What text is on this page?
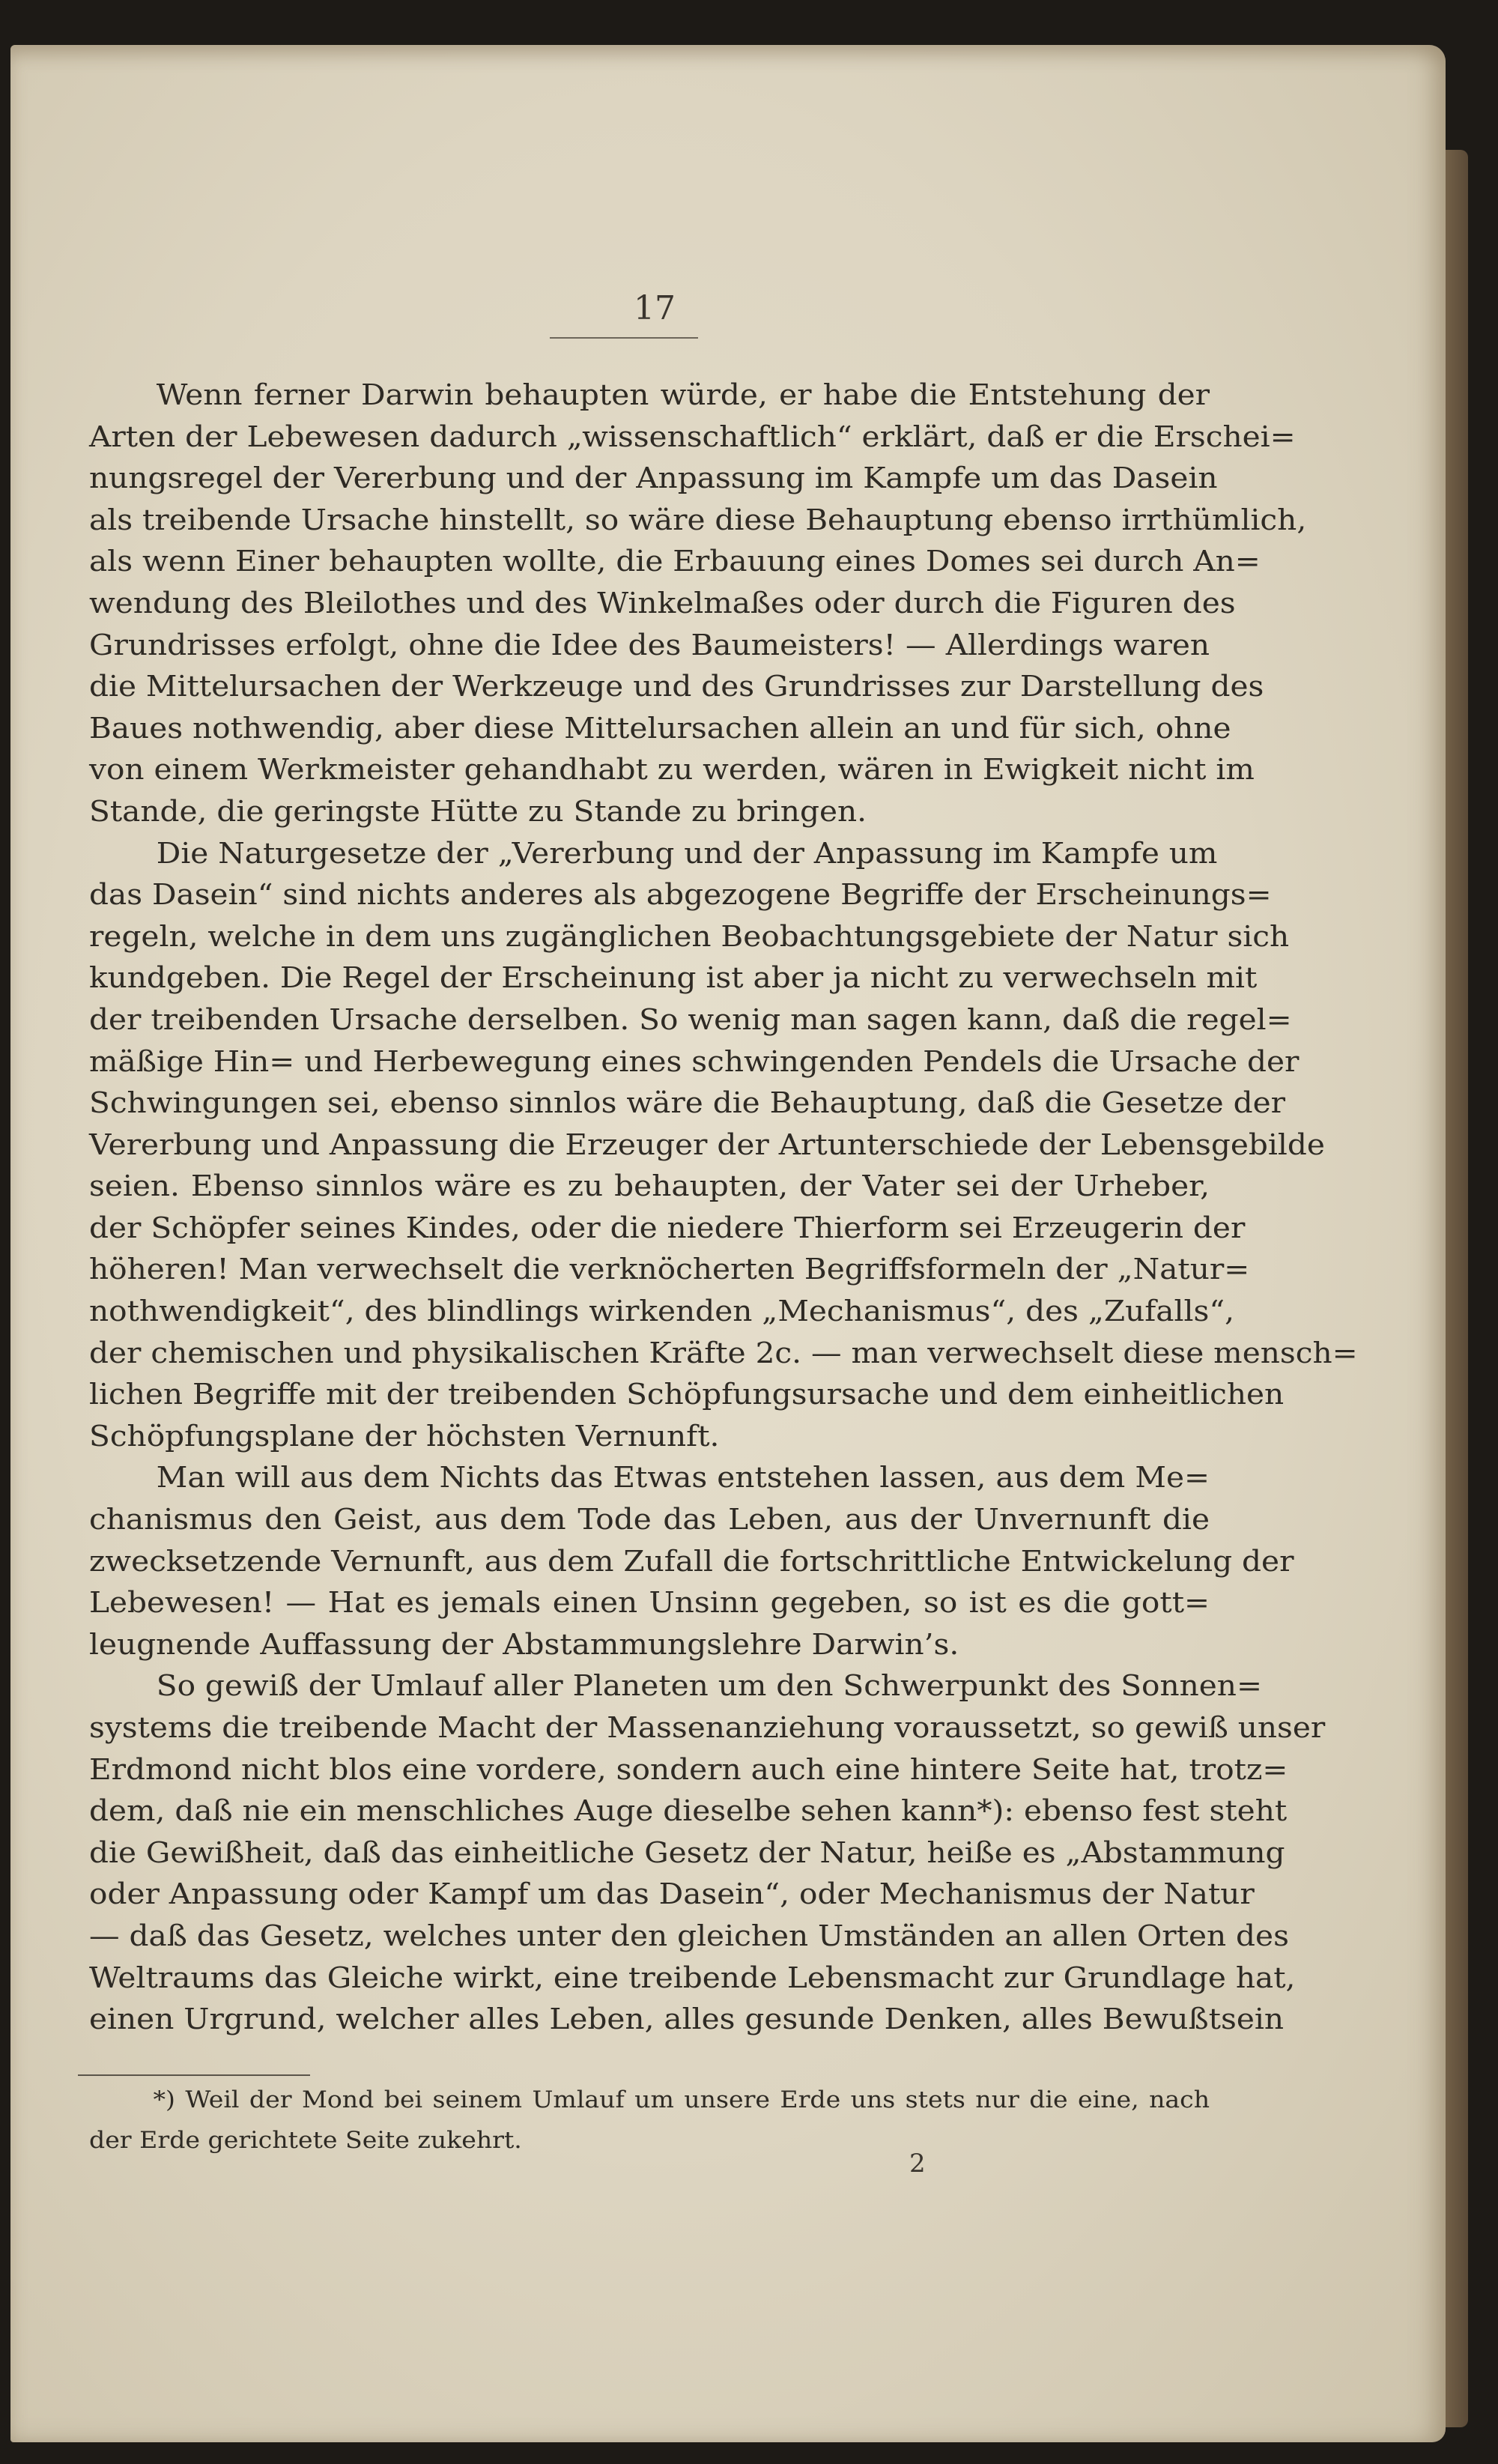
17
Wenn ferner Darwin behaupten würde, er habe die Entstehung der
Arten der Lebewesen dadurch „wissenschaftlich“ erklärt, daß er die Erschei=
nungsregel der Vererbung und der Anpassung im Kampfe um das Dasein
als treibende Ursache hinstellt, so wäre diese Behauptung ebenso irrthümlich,
als wenn Einer behaupten wollte, die Erbauung eines Domes sei durch An=
wendung des Bleilothes und des Winkelmaßes oder durch die Figuren des
Grundrisses erfolgt, ohne die Idee des Baumeisters! — Allerdings waren
die Mittelursachen der Werkzeuge und des Grundrisses zur Darstellung des
Baues nothwendig, aber diese Mittelursachen allein an und für sich, ohne
von einem Werkmeister gehandhabt zu werden, wären in Ewigkeit nicht im
Stande, die geringste Hütte zu Stande zu bringen.
Die Naturgesetze der „Vererbung und der Anpassung im Kampfe um
das Dasein“ sind nichts anderes als abgezogene Begriffe der Erscheinungs=
regeln, welche in dem uns zugänglichen Beobachtungsgebiete der Natur sich
kundgeben. Die Regel der Erscheinung ist aber ja nicht zu verwechseln mit
der treibenden Ursache derselben. So wenig man sagen kann, daß die regel=
mäßige Hin= und Herbewegung eines schwingenden Pendels die Ursache der
Schwingungen sei, ebenso sinnlos wäre die Behauptung, daß die Gesetze der
Vererbung und Anpassung die Erzeuger der Artunterschiede der Lebensgebilde
seien. Ebenso sinnlos wäre es zu behaupten, der Vater sei der Urheber,
der Schöpfer seines Kindes, oder die niedere Thierform sei Erzeugerin der
höheren! Man verwechselt die verknöcherten Begriffsformeln der „Natur=
nothwendigkeit“, des blindlings wirkenden „Mechanismus“, des „Zufalls“,
der chemischen und physikalischen Kräfte 2c. — man verwechselt diese mensch=
lichen Begriffe mit der treibenden Schöpfungsursache und dem einheitlichen
Schöpfungsplane der höchsten Vernunft.
Man will aus dem Nichts das Etwas entstehen lassen, aus dem Me=
chanismus den Geist, aus dem Tode das Leben, aus der Unvernunft die
zwecksetzende Vernunft, aus dem Zufall die fortschrittliche Entwickelung der
Lebewesen! — Hat es jemals einen Unsinn gegeben, so ist es die gott=
leugnende Auffassung der Abstammungslehre Darwin’s.
So gewiß der Umlauf aller Planeten um den Schwerpunkt des Sonnen=
systems die treibende Macht der Massenanziehung voraussetzt, so gewiß unser
Erdmond nicht blos eine vordere, sondern auch eine hintere Seite hat, trotz=
dem, daß nie ein menschliches Auge dieselbe sehen kann*): ebenso fest steht
die Gewißheit, daß das einheitliche Gesetz der Natur, heiße es „Abstammung
oder Anpassung oder Kampf um das Dasein“, oder Mechanismus der Natur
— daß das Gesetz, welches unter den gleichen Umständen an allen Orten des
Weltraums das Gleiche wirkt, eine treibende Lebensmacht zur Grundlage hat,
einen Urgrund, welcher alles Leben, alles gesunde Denken, alles Bewußtsein
*) Weil der Mond bei seinem Umlauf um unsere Erde uns stets nur die eine, nach
der Erde gerichtete Seite zukehrt.
2
